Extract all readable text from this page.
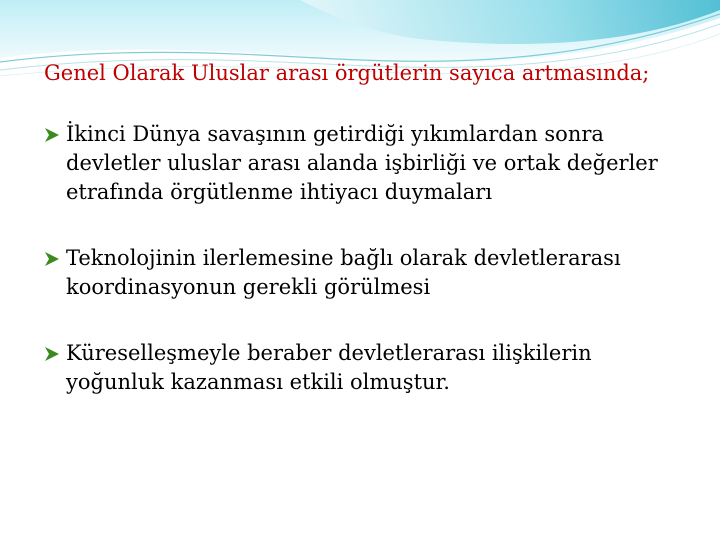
Genel Olarak Uluslar arası örgütlerin sayıca artmasında;

İkinci Dünya savaşının getirdiği yıkımlardan sonra devletler uluslar arası alanda işbirliği ve ortak değerler etrafında örgütlenme ihtiyacı duymaları
Teknolojinin ilerlemesine bağlı olarak devletlerarası koordinasyonun gerekli görülmesi
Küreselleşmeyle beraber devletlerarası ilişkilerin yoğunluk kazanması etkili olmuştur.
